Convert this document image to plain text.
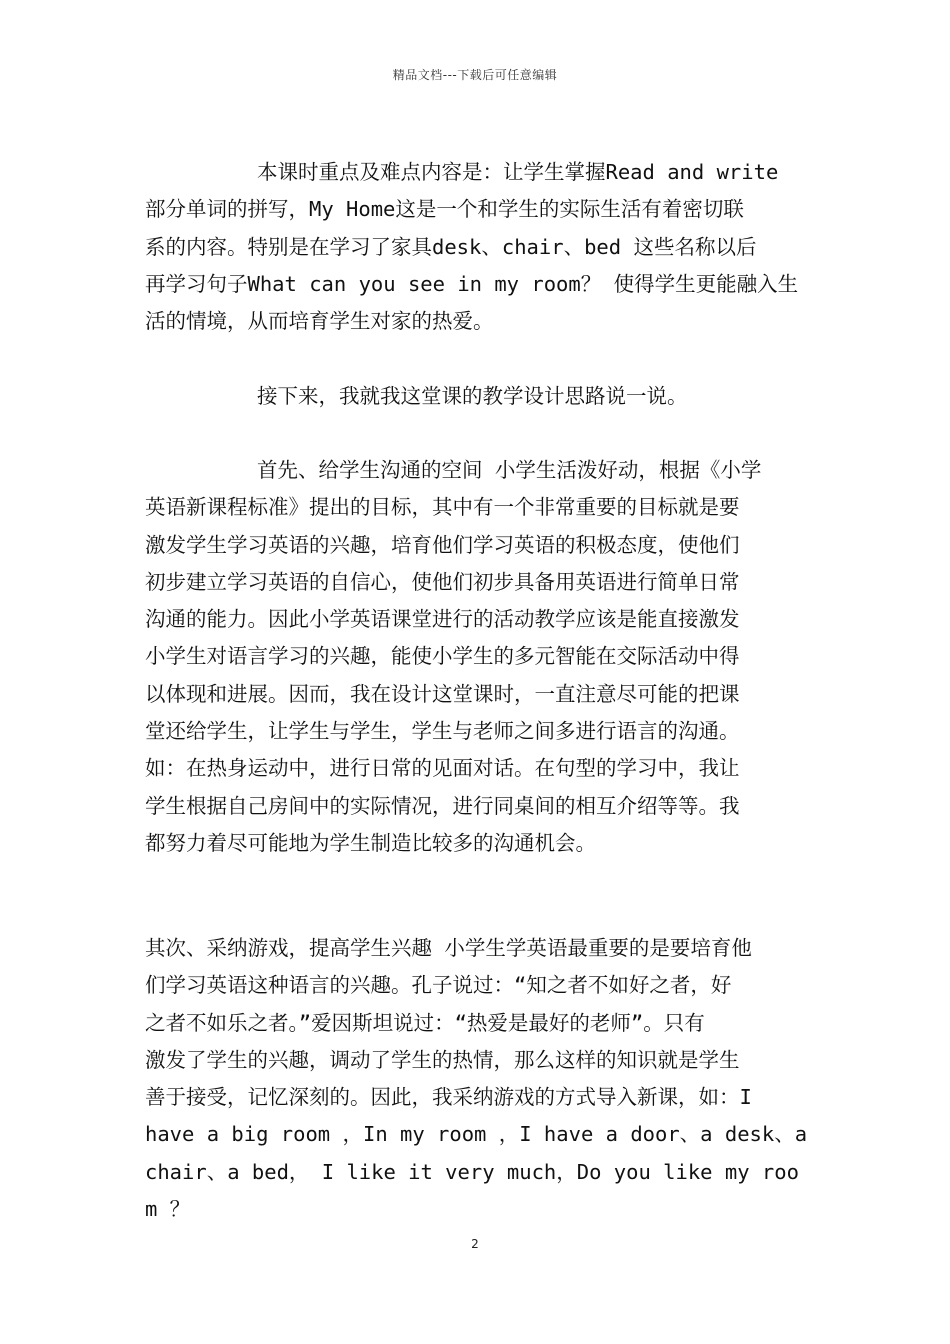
精品文档---下载后可任意编辑
本课时重点及难点内容是：让学生掌握Read and write
部分单词的拼写，My Home这是一个和学生的实际生活有着密切联
系的内容。特别是在学习了家具desk、chair、bed 这些名称以后
再学习句子What can you see in my room？ 使得学生更能融入生
活的情境，从而培育学生对家的热爱。
接下来，我就我这堂课的教学设计思路说一说。
首先、给学生沟通的空间 小学生活泼好动，根据《小学
英语新课程标准》提出的目标，其中有一个非常重要的目标就是要
激发学生学习英语的兴趣，培育他们学习英语的积极态度，使他们
初步建立学习英语的自信心，使他们初步具备用英语进行简单日常
沟通的能力。因此小学英语课堂进行的活动教学应该是能直接激发
小学生对语言学习的兴趣，能使小学生的多元智能在交际活动中得
以体现和进展。因而，我在设计这堂课时，一直注意尽可能的把课
堂还给学生，让学生与学生，学生与老师之间多进行语言的沟通。
如：在热身运动中，进行日常的见面对话。在句型的学习中，我让
学生根据自己房间中的实际情况，进行同桌间的相互介绍等等。我
都努力着尽可能地为学生制造比较多的沟通机会。
其次、采纳游戏，提高学生兴趣 小学生学英语最重要的是要培育他
们学习英语这种语言的兴趣。孔子说过：“知之者不如好之者，好
之者不如乐之者。”爱因斯坦说过：“热爱是最好的老师”。只有
激发了学生的兴趣，调动了学生的热情，那么这样的知识就是学生
善于接受，记忆深刻的。因此，我采纳游戏的方式导入新课，如：I
have a big room ，In my room ，I have a door、a desk、a
chair、a bed， I like it very much，Do you like my room ？
2
